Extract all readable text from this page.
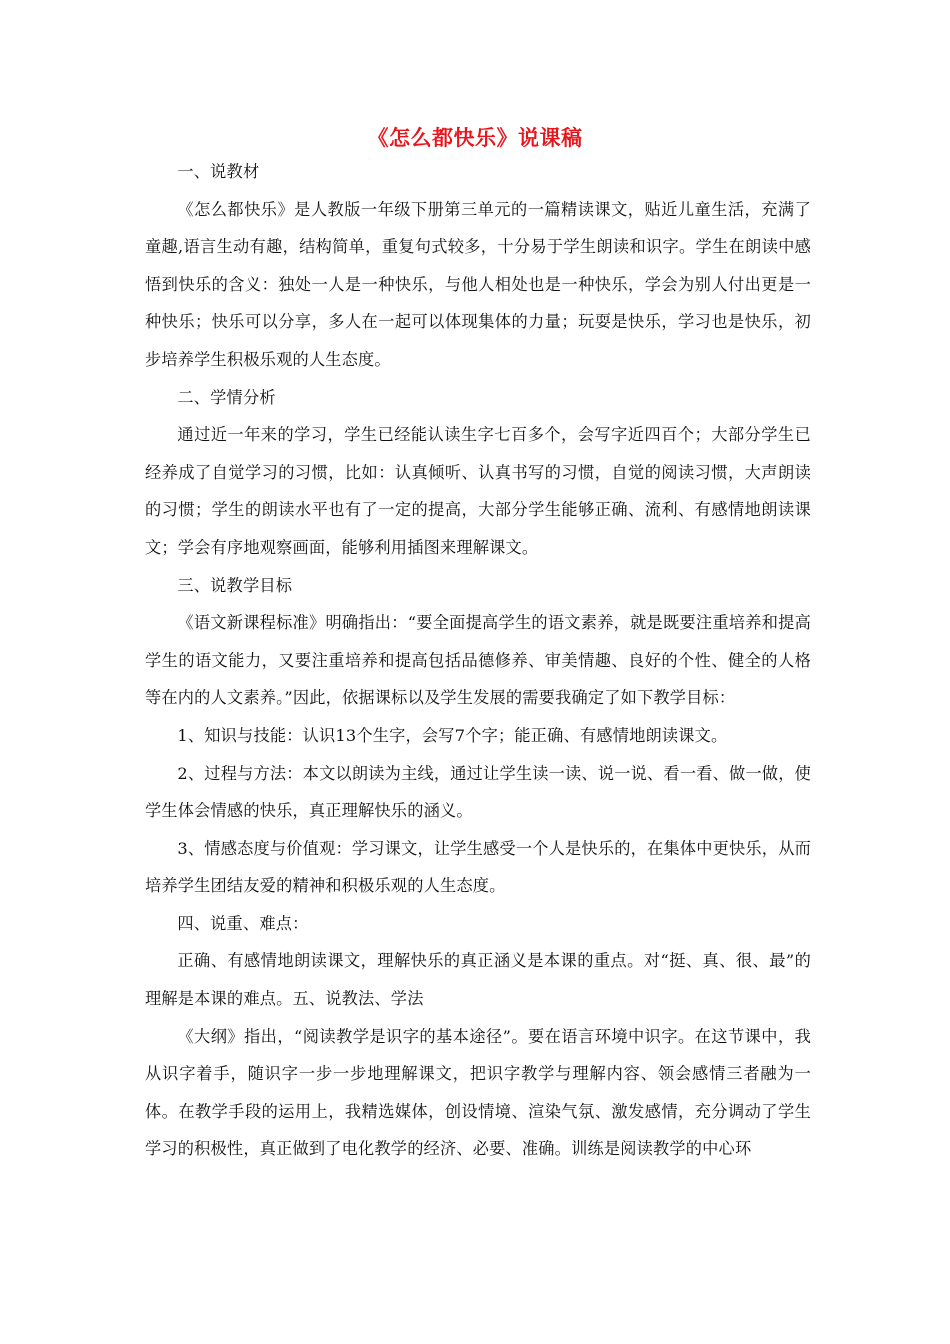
《怎么都快乐》说课稿

一、说教材

《怎么都快乐》是人教版一年级下册第三单元的一篇精读课文，贴近儿童生活，充满了童趣,语言生动有趣，结构简单，重复句式较多，十分易于学生朗读和识字。学生在朗读中感悟到快乐的含义：独处一人是一种快乐，与他人相处也是一种快乐，学会为别人付出更是一种快乐；快乐可以分享，多人在一起可以体现集体的力量；玩耍是快乐，学习也是快乐，初步培养学生积极乐观的人生态度。

二、学情分析

通过近一年来的学习，学生已经能认读生字七百多个，会写字近四百个；大部分学生已经养成了自觉学习的习惯，比如：认真倾听、认真书写的习惯，自觉的阅读习惯，大声朗读的习惯；学生的朗读水平也有了一定的提高，大部分学生能够正确、流利、有感情地朗读课文；学会有序地观察画面，能够利用插图来理解课文。

三、说教学目标

《语文新课程标准》明确指出：“要全面提高学生的语文素养，就是既要注重培养和提高学生的语文能力，又要注重培养和提高包括品德修养、审美情趣、良好的个性、健全的人格等在内的人文素养。”因此，依据课标以及学生发展的需要我确定了如下教学目标：

1、知识与技能：认识13个生字，会写7个字；能正确、有感情地朗读课文。

2、过程与方法：本文以朗读为主线，通过让学生读一读、说一说、看一看、做一做，使学生体会情感的快乐，真正理解快乐的涵义。

3、情感态度与价值观：学习课文，让学生感受一个人是快乐的，在集体中更快乐，从而培养学生团结友爱的精神和积极乐观的人生态度。

四、说重、难点：

正确、有感情地朗读课文，理解快乐的真正涵义是本课的重点。对“挺、真、很、最”的理解是本课的难点。五、说教法、学法

《大纲》指出，“阅读教学是识字的基本途径”。要在语言环境中识字。在这节课中，我从识字着手，随识字一步一步地理解课文，把识字教学与理解内容、领会感情三者融为一体。在教学手段的运用上，我精选媒体，创设情境、渲染气氛、激发感情，充分调动了学生学习的积极性，真正做到了电化教学的经济、必要、准确。训练是阅读教学的中心环
